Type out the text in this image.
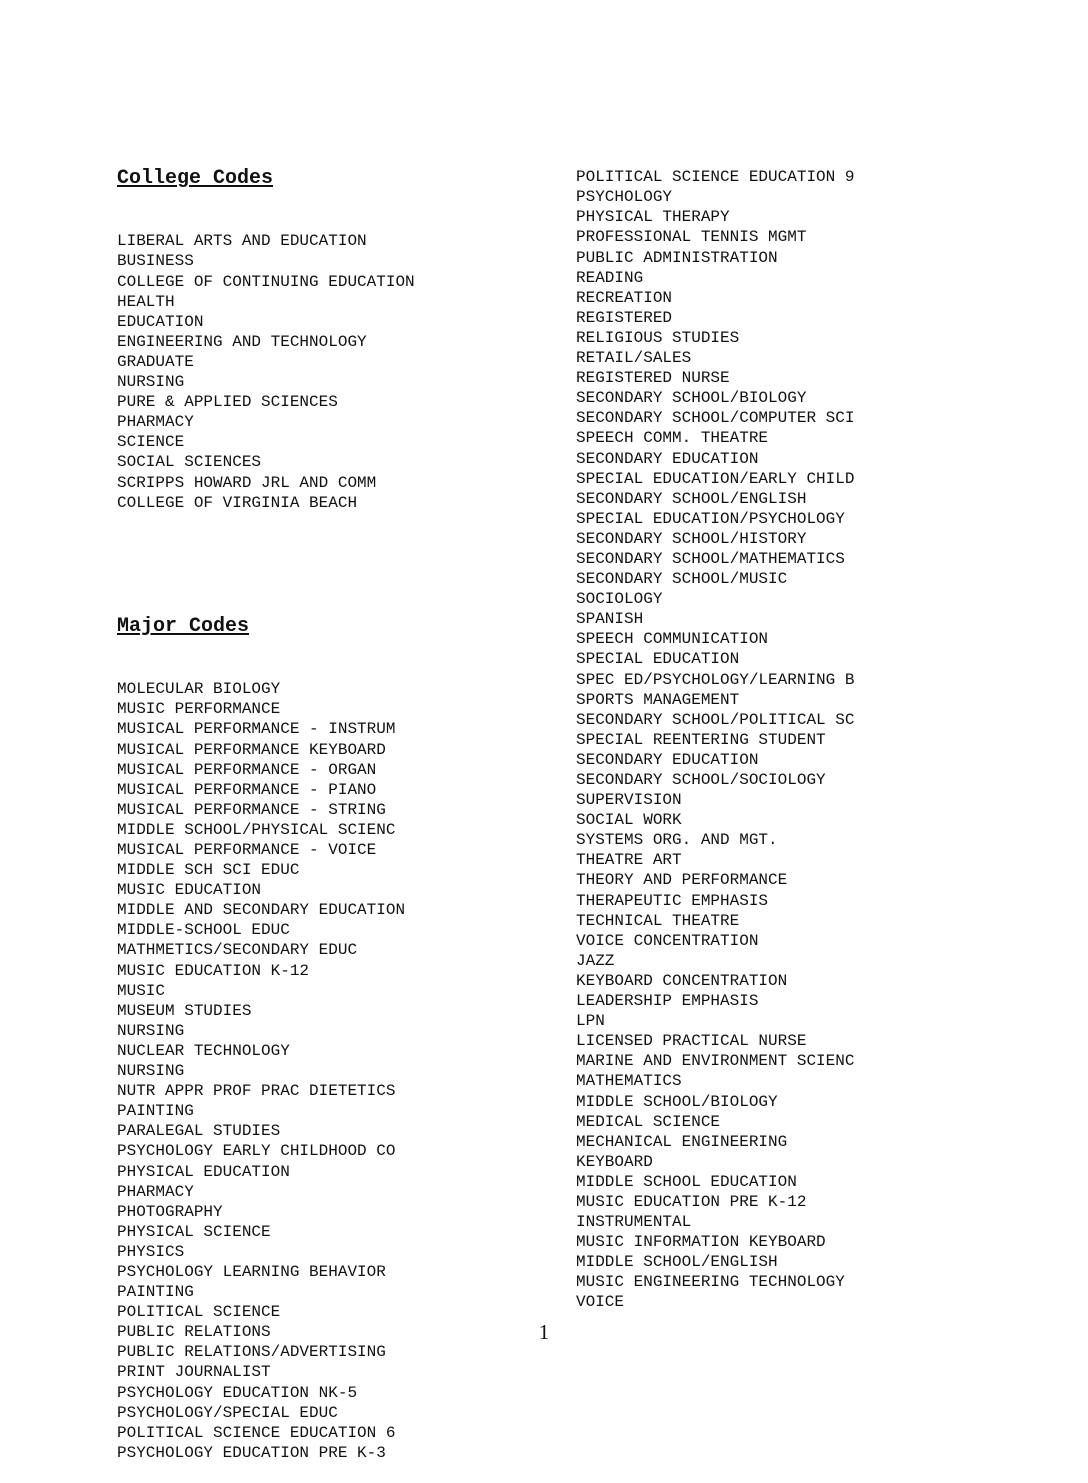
College Codes

LIBERAL ARTS AND EDUCATION
BUSINESS
COLLEGE OF CONTINUING EDUCATION
HEALTH
EDUCATION
ENGINEERING AND TECHNOLOGY
GRADUATE
NURSING
PURE & APPLIED SCIENCES
PHARMACY
SCIENCE
SOCIAL SCIENCES
SCRIPPS HOWARD JRL AND COMM
COLLEGE OF VIRGINIA BEACH

Major Codes

MOLECULAR BIOLOGY
MUSIC PERFORMANCE
MUSICAL PERFORMANCE - INSTRUM
MUSICAL PERFORMANCE KEYBOARD
MUSICAL PERFORMANCE - ORGAN
MUSICAL PERFORMANCE - PIANO
MUSICAL PERFORMANCE - STRING
MIDDLE SCHOOL/PHYSICAL SCIENC
MUSICAL PERFORMANCE - VOICE
MIDDLE SCH SCI EDUC
MUSIC EDUCATION
MIDDLE AND SECONDARY EDUCATION
MIDDLE-SCHOOL EDUC
MATHMETICS/SECONDARY EDUC
MUSIC EDUCATION K-12
MUSIC
MUSEUM STUDIES
NURSING
NUCLEAR TECHNOLOGY
NURSING
NUTR APPR PROF PRAC DIETETICS
PAINTING
PARALEGAL STUDIES
PSYCHOLOGY EARLY CHILDHOOD CO
PHYSICAL EDUCATION
PHARMACY
PHOTOGRAPHY
PHYSICAL SCIENCE
PHYSICS
PSYCHOLOGY LEARNING BEHAVIOR
PAINTING
POLITICAL SCIENCE
PUBLIC RELATIONS
PUBLIC RELATIONS/ADVERTISING
PRINT JOURNALIST
PSYCHOLOGY EDUCATION NK-5
PSYCHOLOGY/SPECIAL EDUC
POLITICAL SCIENCE EDUCATION 6
PSYCHOLOGY EDUCATION PRE K-3

POLITICAL SCIENCE EDUCATION 9
PSYCHOLOGY
PHYSICAL THERAPY
PROFESSIONAL TENNIS MGMT
PUBLIC ADMINISTRATION
READING
RECREATION
REGISTERED
RELIGIOUS STUDIES
RETAIL/SALES
REGISTERED NURSE
SECONDARY SCHOOL/BIOLOGY
SECONDARY SCHOOL/COMPUTER SCI
SPEECH COMM. THEATRE
SECONDARY EDUCATION
SPECIAL EDUCATION/EARLY CHILD
SECONDARY SCHOOL/ENGLISH
SPECIAL EDUCATION/PSYCHOLOGY
SECONDARY SCHOOL/HISTORY
SECONDARY SCHOOL/MATHEMATICS
SECONDARY SCHOOL/MUSIC
SOCIOLOGY
SPANISH
SPEECH COMMUNICATION
SPECIAL EDUCATION
SPEC ED/PSYCHOLOGY/LEARNING B
SPORTS MANAGEMENT
SECONDARY SCHOOL/POLITICAL SC
SPECIAL REENTERING STUDENT
SECONDARY EDUCATION
SECONDARY SCHOOL/SOCIOLOGY
SUPERVISION
SOCIAL WORK
SYSTEMS ORG. AND MGT.
THEATRE ART
THEORY AND PERFORMANCE
THERAPEUTIC EMPHASIS
TECHNICAL THEATRE
VOICE CONCENTRATION
JAZZ
KEYBOARD CONCENTRATION
LEADERSHIP EMPHASIS
LPN
LICENSED PRACTICAL NURSE
MARINE AND ENVIRONMENT SCIENC
MATHEMATICS
MIDDLE SCHOOL/BIOLOGY
MEDICAL SCIENCE
MECHANICAL ENGINEERING
KEYBOARD
MIDDLE SCHOOL EDUCATION
MUSIC EDUCATION PRE K-12
INSTRUMENTAL
MUSIC INFORMATION KEYBOARD
MIDDLE SCHOOL/ENGLISH
MUSIC ENGINEERING TECHNOLOGY
VOICE

1
